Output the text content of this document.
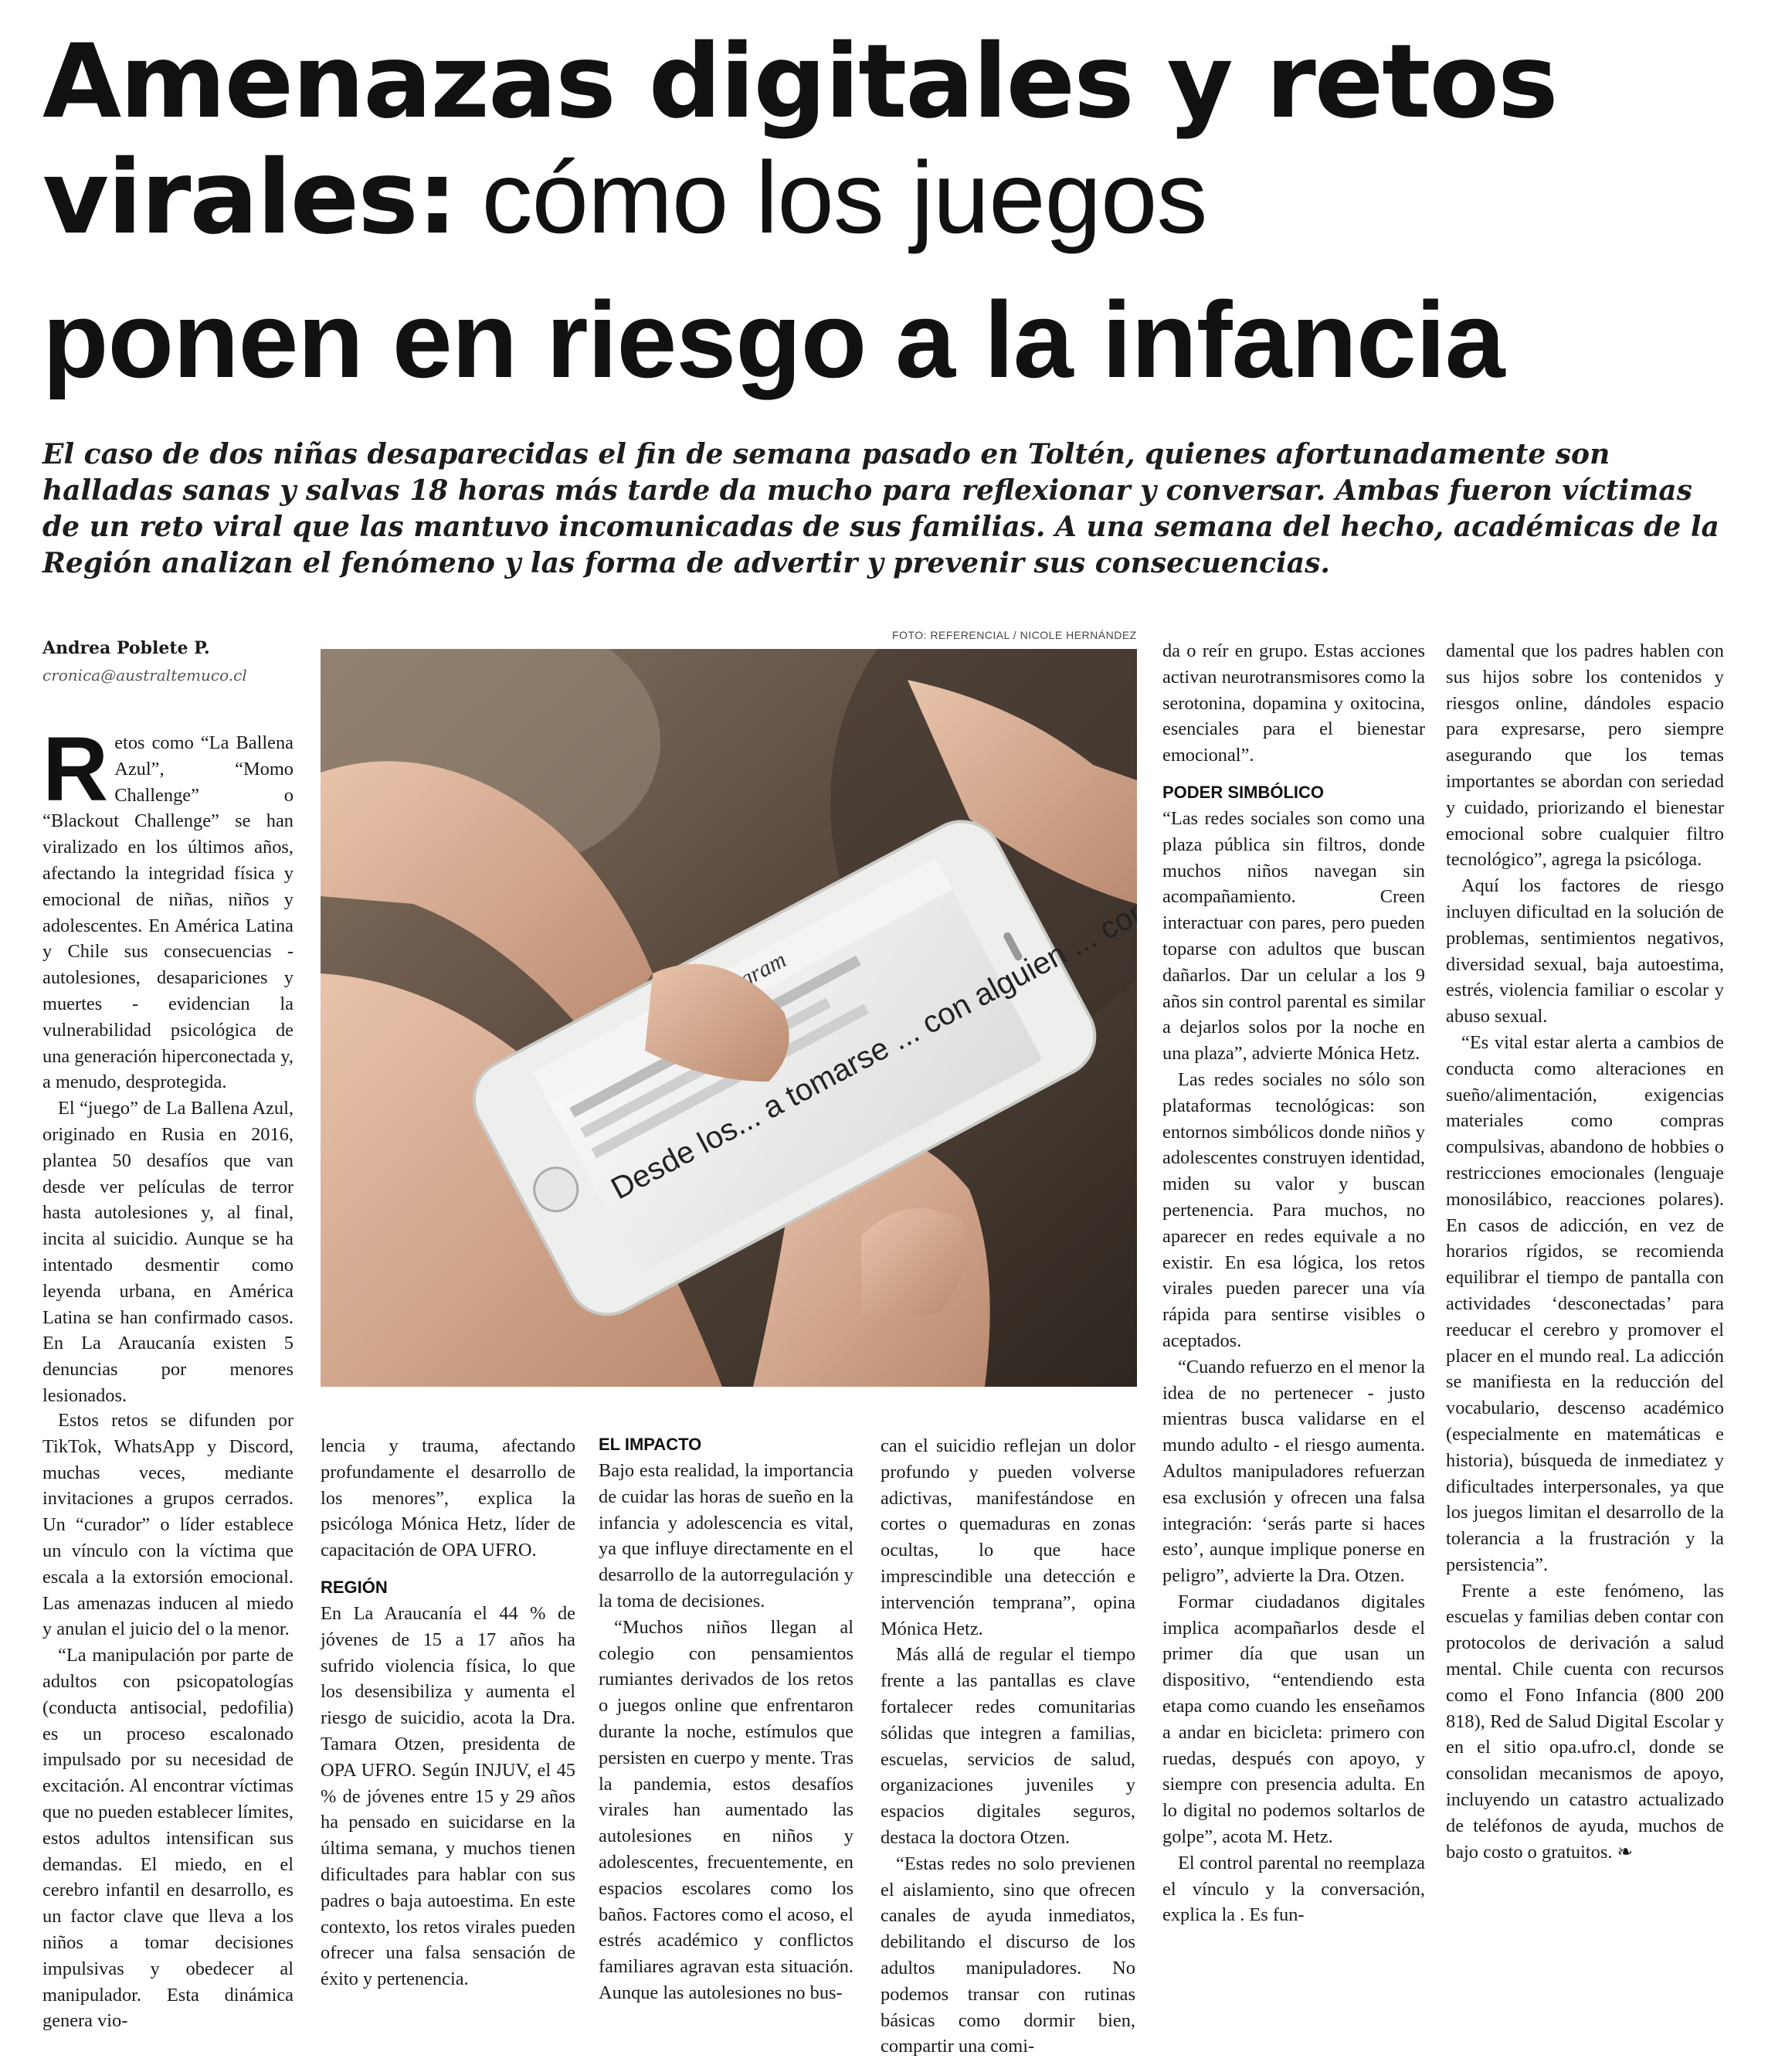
Amenazas digitales y retos
virales: cómo los juegos
ponen en riesgo a la infancia

El caso de dos niñas desaparecidas el fin de semana pasado en Toltén, quienes afortunadamente son halladas sanas y salvas 18 horas más tarde da mucho para reflexionar y conversar. Ambas fueron víctimas de un reto viral que las mantuvo incomunicadas de sus familias. A una semana del hecho, académicas de la Región analizan el fenómeno y las forma de advertir y prevenir sus consecuencias.

Andrea Poblete P.
cronica@australtemuco.cl
FOTO: REFERENCIAL / NICOLE HERNÁNDEZ
R etos como “La Ballena Azul”, “Momo Challenge” o “Blackout Challenge” se han viralizado en los últimos años, afectando la integridad física y emocional de niñas, niños y adolescentes. En América Latina y Chile sus consecuencias - autolesiones, desapariciones y muertes - evidencian la vulnerabilidad psicológica de una generación hiperconectada y, a menudo, desprotegida.

El “juego” de La Ballena Azul, originado en Rusia en 2016, plantea 50 desafíos que van desde ver películas de terror hasta autolesiones y, al final, incita al suicidio. Aunque se ha intentado desmentir como leyenda urbana, en América Latina se han confirmado casos. En La Araucanía existen 5 denuncias por menores lesionados.

Estos retos se difunden por TikTok, WhatsApp y Discord, muchas veces, mediante invitaciones a grupos cerrados. Un “curador” o líder establece un vínculo con la víctima que escala a la extorsión emocional. Las amenazas inducen al miedo y anulan el juicio del o la menor.

“La manipulación por parte de adultos con psicopatologías (conducta antisocial, pedofilia) es un proceso escalonado impulsado por su necesidad de excitación. Al encontrar víctimas que no pueden establecer límites, estos adultos intensifican sus demandas. El miedo, en el cerebro infantil en desarrollo, es un factor clave que lleva a los niños a tomar decisiones impulsivas y obedecer al manipulador. Esta dinámica genera vio-

Desde los... a tomarse ... con alguien ... contigo

lencia y trauma, afectando profundamente el desarrollo de los menores”, explica la psicóloga Mónica Hetz, líder de capacitación de OPA UFRO.

REGIÓN

En La Araucanía el 44 % de jóvenes de 15 a 17 años ha sufrido violencia física, lo que los desensibiliza y aumenta el riesgo de suicidio, acota la Dra. Tamara Otzen, presidenta de OPA UFRO. Según INJUV, el 45 % de jóvenes entre 15 y 29 años ha pensado en suicidarse en la última semana, y muchos tienen dificultades para hablar con sus padres o baja autoestima. En este contexto, los retos virales pueden ofrecer una falsa sensación de éxito y pertenencia.

EL IMPACTO

Bajo esta realidad, la importancia de cuidar las horas de sueño en la infancia y adolescencia es vital, ya que influye directamente en el desarrollo de la autorregulación y la toma de decisiones.

“Muchos niños llegan al colegio con pensamientos rumiantes derivados de los retos o juegos online que enfrentaron durante la noche, estímulos que persisten en cuerpo y mente. Tras la pandemia, estos desafíos virales han aumentado las autolesiones en niños y adolescentes, frecuentemente, en espacios escolares como los baños. Factores como el acoso, el estrés académico y conflictos familiares agravan esta situación. Aunque las autolesiones no bus-

can el suicidio reflejan un dolor profundo y pueden volverse adictivas, manifestándose en cortes o quemaduras en zonas ocultas, lo que hace imprescindible una detección e intervención temprana”, opina Mónica Hetz.

Más allá de regular el tiempo frente a las pantallas es clave fortalecer redes comunitarias sólidas que integren a familias, escuelas, servicios de salud, organizaciones juveniles y espacios digitales seguros, destaca la doctora Otzen.

“Estas redes no solo previenen el aislamiento, sino que ofrecen canales de ayuda inmediatos, debilitando el discurso de los adultos manipuladores. No podemos transar con rutinas básicas como dormir bien, compartir una comi-

da o reír en grupo. Estas acciones activan neurotransmisores como la serotonina, dopamina y oxitocina, esenciales para el bienestar emocional”.

PODER SIMBÓLICO

“Las redes sociales son como una plaza pública sin filtros, donde muchos niños navegan sin acompañamiento. Creen interactuar con pares, pero pueden toparse con adultos que buscan dañarlos. Dar un celular a los 9 años sin control parental es similar a dejarlos solos por la noche en una plaza”, advierte Mónica Hetz.

Las redes sociales no sólo son plataformas tecnológicas: son entornos simbólicos donde niños y adolescentes construyen identidad, miden su valor y buscan pertenencia. Para muchos, no aparecer en redes equivale a no existir. En esa lógica, los retos virales pueden parecer una vía rápida para sentirse visibles o aceptados.

“Cuando refuerzo en el menor la idea de no pertenecer - justo mientras busca validarse en el mundo adulto - el riesgo aumenta. Adultos manipuladores refuerzan esa exclusión y ofrecen una falsa integración: ‘serás parte si haces esto’, aunque implique ponerse en peligro”, advierte la Dra. Otzen.

Formar ciudadanos digitales implica acompañarlos desde el primer día que usan un dispositivo, “entendiendo esta etapa como cuando les enseñamos a andar en bicicleta: primero con ruedas, después con apoyo, y siempre con presencia adulta. En lo digital no podemos soltarlos de golpe”, acota M. Hetz.

El control parental no reemplaza el vínculo y la conversación, explica la . Es fun-

damental que los padres hablen con sus hijos sobre los contenidos y riesgos online, dándoles espacio para expresarse, pero siempre asegurando que los temas importantes se abordan con seriedad y cuidado, priorizando el bienestar emocional sobre cualquier filtro tecnológico”, agrega la psicóloga.

Aquí los factores de riesgo incluyen dificultad en la solución de problemas, sentimientos negativos, diversidad sexual, baja autoestima, estrés, violencia familiar o escolar y abuso sexual.

“Es vital estar alerta a cambios de conducta como alteraciones en sueño/alimentación, exigencias materiales como compras compulsivas, abandono de hobbies o restricciones emocionales (lenguaje monosilábico, reacciones polares). En casos de adicción, en vez de horarios rígidos, se recomienda equilibrar el tiempo de pantalla con actividades ‘desconectadas’ para reeducar el cerebro y promover el placer en el mundo real. La adicción se manifiesta en la reducción del vocabulario, descenso académico (especialmente en matemáticas e historia), búsqueda de inmediatez y dificultades interpersonales, ya que los juegos limitan el desarrollo de la tolerancia a la frustración y la persistencia”.

Frente a este fenómeno, las escuelas y familias deben contar con protocolos de derivación a salud mental. Chile cuenta con recursos como el Fono Infancia (800 200 818), Red de Salud Digital Escolar y en el sitio opa.ufro.cl, donde se consolidan mecanismos de apoyo, incluyendo un catastro actualizado de teléfonos de ayuda, muchos de bajo costo o gratuitos. ❧
